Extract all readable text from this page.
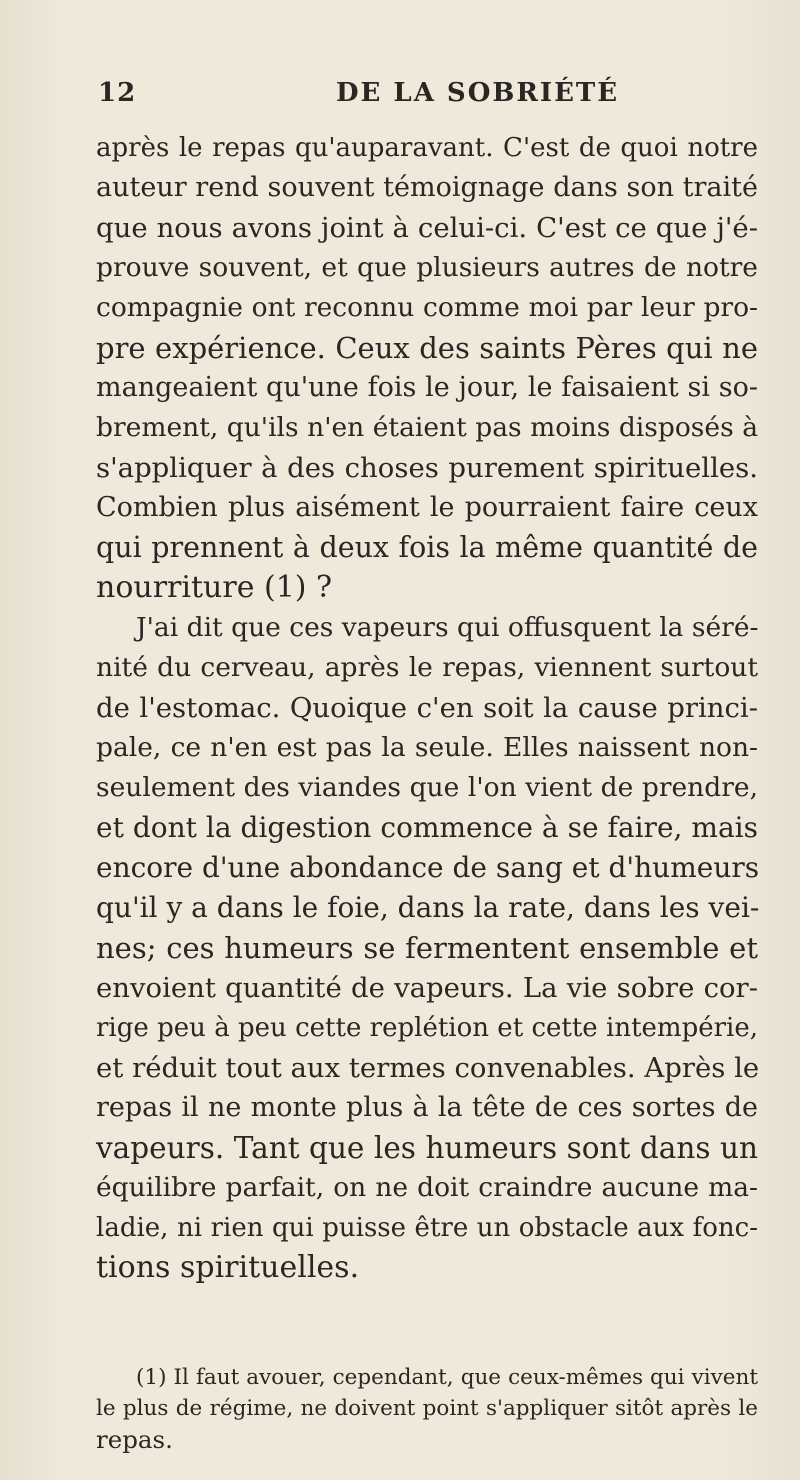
12	DE LA SOBRIÉTÉ
après le repas qu'auparavant. C'est de quoi notre
auteur rend souvent témoignage dans son traité
que nous avons joint à celui-ci. C'est ce que j'é-
prouve souvent, et que plusieurs autres de notre
compagnie ont reconnu comme moi par leur pro-
pre expérience. Ceux des saints Pères qui ne
mangeaient qu'une fois le jour, le faisaient si so-
brement, qu'ils n'en étaient pas moins disposés à
s'appliquer à des choses purement spirituelles.
Combien plus aisément le pourraient faire ceux
qui prennent à deux fois la même quantité de
nourriture (1) ?
J'ai dit que ces vapeurs qui offusquent la séré-
nité du cerveau, après le repas, viennent surtout
de l'estomac. Quoique c'en soit la cause princi-
pale, ce n'en est pas la seule. Elles naissent non-
seulement des viandes que l'on vient de prendre,
et dont la digestion commence à se faire, mais
encore d'une abondance de sang et d'humeurs
qu'il y a dans le foie, dans la rate, dans les vei-
nes; ces humeurs se fermentent ensemble et
envoient quantité de vapeurs. La vie sobre cor-
rige peu à peu cette replétion et cette intempérie,
et réduit tout aux termes convenables. Après le
repas il ne monte plus à la tête de ces sortes de
vapeurs. Tant que les humeurs sont dans un
équilibre parfait, on ne doit craindre aucune ma-
ladie, ni rien qui puisse être un obstacle aux fonc-
tions spirituelles.
(1) Il faut avouer, cependant, que ceux-mêmes qui vivent
le plus de régime, ne doivent point s'appliquer sitôt après le
repas.
